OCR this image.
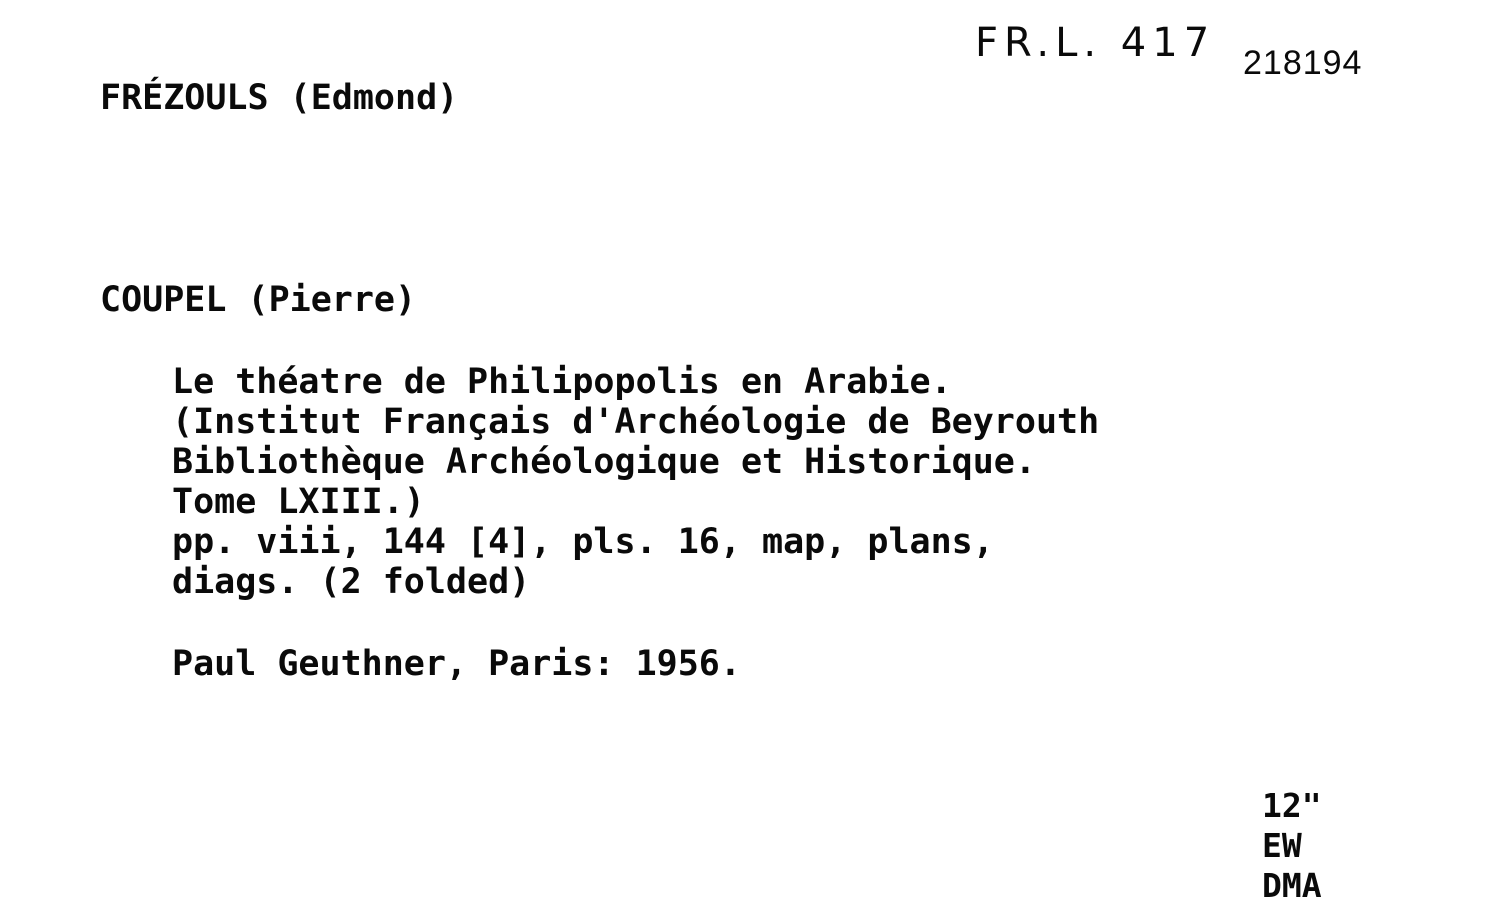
FR.L. 417 218194
FRÉZOULS (Edmond)
COUPEL (Pierre)
Le théatre de Philipopolis en Arabie.
(Institut Français d'Archéologie de Beyrouth
Bibliothèque Archéologique et Historique.
Tome LXIII.)
pp. viii, 144 [4], pls. 16, map, plans,
diags. (2 folded)
Paul Geuthner, Paris: 1956.
12"
EW
DMA
